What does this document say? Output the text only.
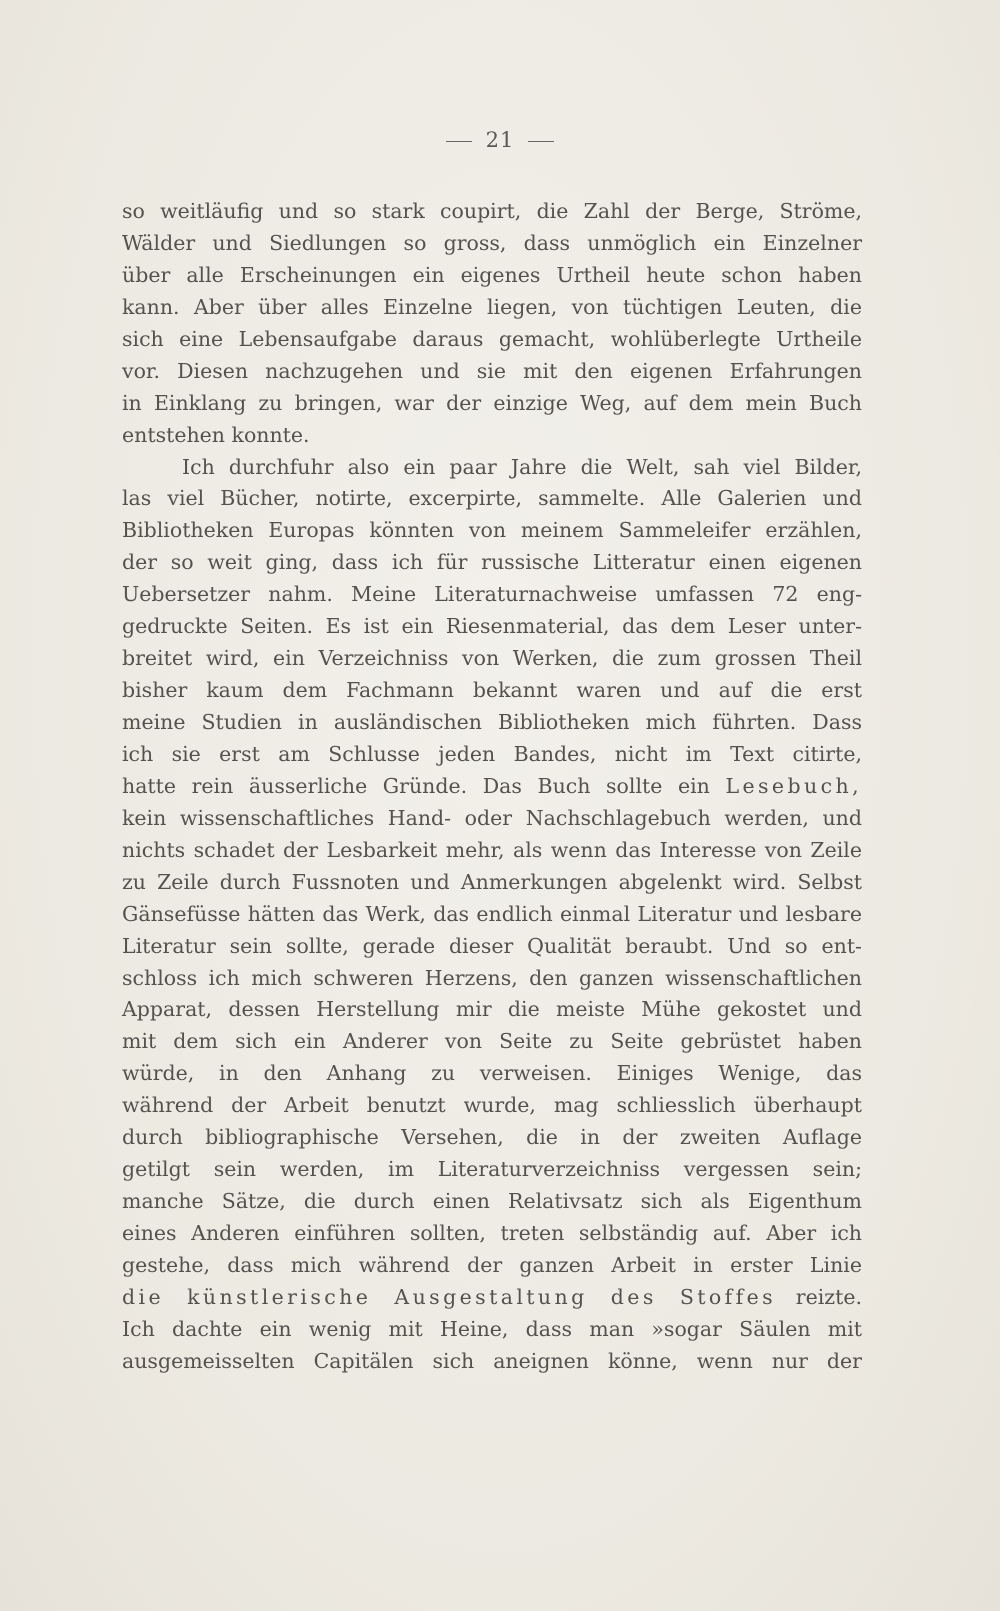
21
so weitläufig und so stark coupirt, die Zahl der Berge, Ströme,
Wälder und Siedlungen so gross, dass unmöglich ein Einzelner
über alle Erscheinungen ein eigenes Urtheil heute schon haben
kann. Aber über alles Einzelne liegen, von tüchtigen Leuten, die
sich eine Lebensaufgabe daraus gemacht, wohlüberlegte Urtheile
vor. Diesen nachzugehen und sie mit den eigenen Erfahrungen
in Einklang zu bringen, war der einzige Weg, auf dem mein Buch
entstehen konnte.
Ich durchfuhr also ein paar Jahre die Welt, sah viel Bilder,
las viel Bücher, notirte, excerpirte, sammelte. Alle Galerien und
Bibliotheken Europas könnten von meinem Sammeleifer erzählen,
der so weit ging, dass ich für russische Litteratur einen eigenen
Uebersetzer nahm. Meine Literaturnachweise umfassen 72 eng-
gedruckte Seiten. Es ist ein Riesenmaterial, das dem Leser unter-
breitet wird, ein Verzeichniss von Werken, die zum grossen Theil
bisher kaum dem Fachmann bekannt waren und auf die erst
meine Studien in ausländischen Bibliotheken mich führten. Dass
ich sie erst am Schlusse jeden Bandes, nicht im Text citirte,
hatte rein äusserliche Gründe. Das Buch sollte ein Lesebuch,
kein wissenschaftliches Hand- oder Nachschlagebuch werden, und
nichts schadet der Lesbarkeit mehr, als wenn das Interesse von Zeile
zu Zeile durch Fussnoten und Anmerkungen abgelenkt wird. Selbst
Gänsefüsse hätten das Werk, das endlich einmal Literatur und lesbare
Literatur sein sollte, gerade dieser Qualität beraubt. Und so ent-
schloss ich mich schweren Herzens, den ganzen wissenschaftlichen
Apparat, dessen Herstellung mir die meiste Mühe gekostet und
mit dem sich ein Anderer von Seite zu Seite gebrüstet haben
würde, in den Anhang zu verweisen. Einiges Wenige, das
während der Arbeit benutzt wurde, mag schliesslich überhaupt
durch bibliographische Versehen, die in der zweiten Auflage
getilgt sein werden, im Literaturverzeichniss vergessen sein;
manche Sätze, die durch einen Relativsatz sich als Eigenthum
eines Anderen einführen sollten, treten selbständig auf. Aber ich
gestehe, dass mich während der ganzen Arbeit in erster Linie
die künstlerische Ausgestaltung des Stoffes reizte.
Ich dachte ein wenig mit Heine, dass man »sogar Säulen mit
ausgemeisselten Capitälen sich aneignen könne, wenn nur der
